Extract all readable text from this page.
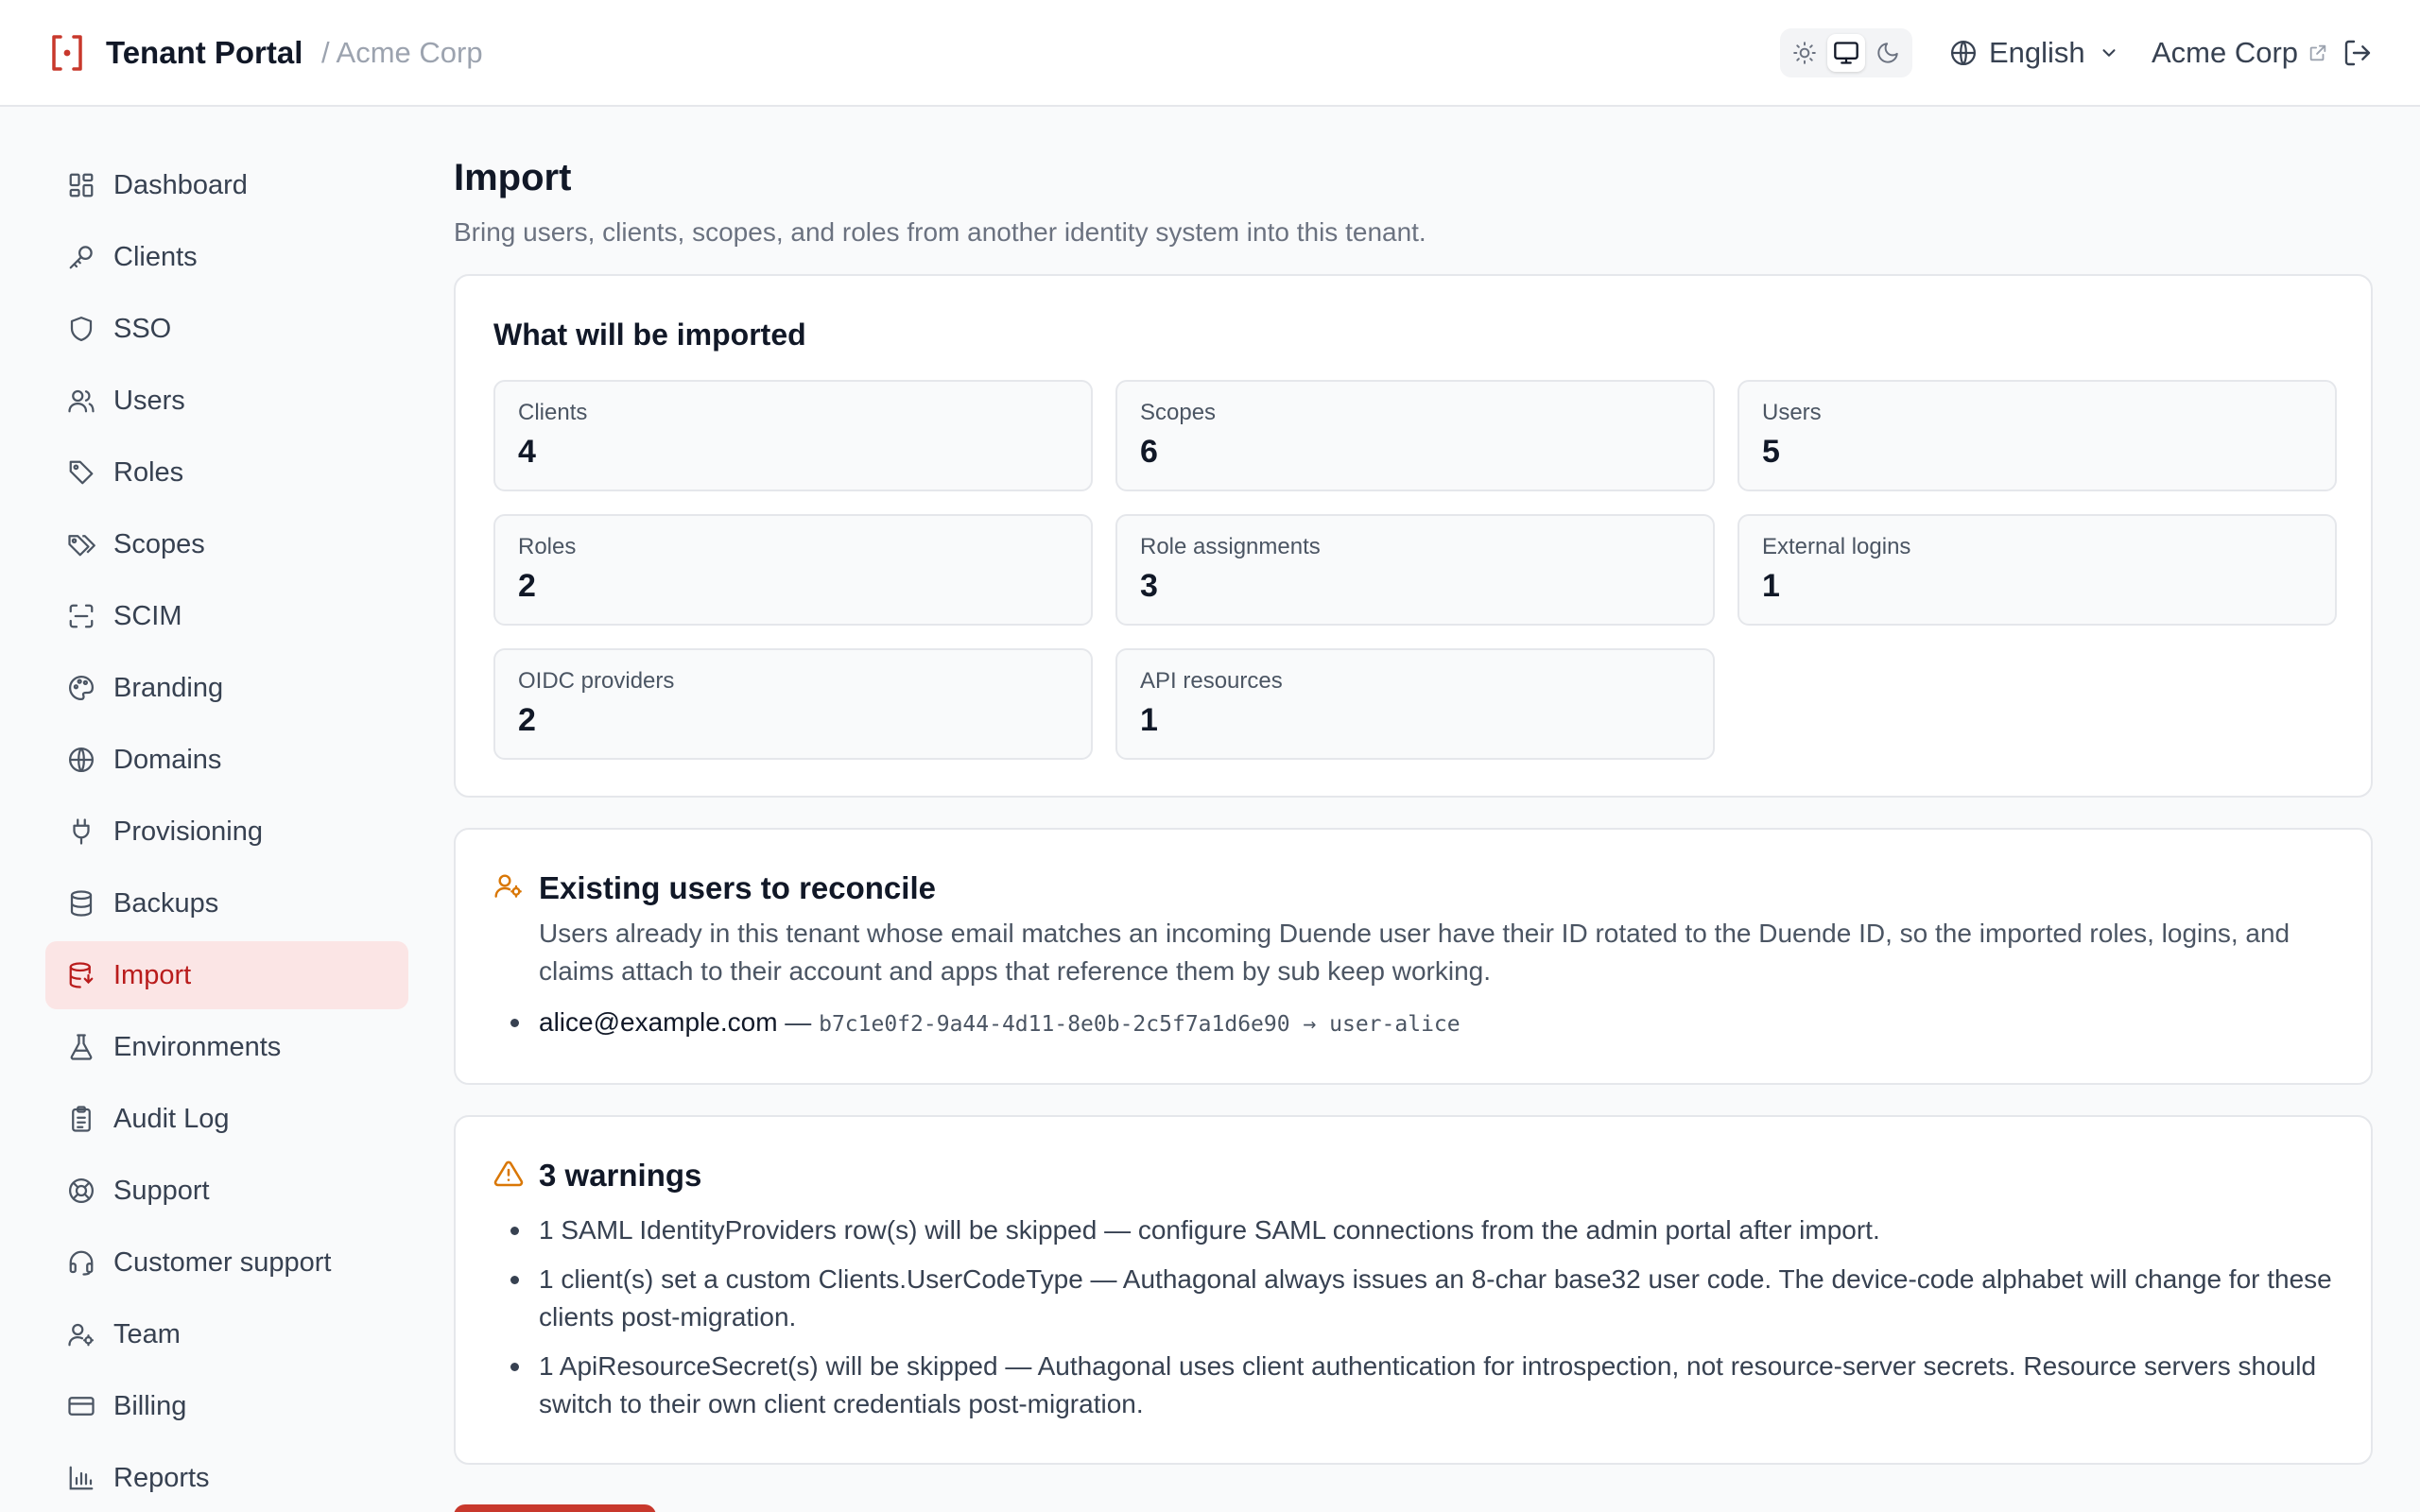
Tenant Portal / Acme Corp	English Acme Corp
Dashboard
Clients
SSO
Users
Roles
Scopes
SCIM
Branding
Domains
Provisioning
Backups
Import
Environments
Audit Log
Support
Customer support
Team
Billing
Reports
Import

Bring users, clients, scopes, and roles from another identity system into this tenant.

What will be imported
Clients
4
Scopes
6
Users
5
Roles
2
Role assignments
3
External logins
1
OIDC providers
2
API resources
1
Existing users to reconcile

Users already in this tenant whose email matches an incoming Duende user have their ID rotated to the Duende ID, so the imported roles, logins, and claims attach to their account and apps that reference them by sub keep working.

alice@example.com — b7c1e0f2-9a44-4d11-8e0b-2c5f7a1d6e90 → user-alice
3 warnings
1 SAML IdentityProviders row(s) will be skipped — configure SAML connections from the admin portal after import.
1 client(s) set a custom Clients.UserCodeType — Authagonal always issues an 8-char base32 user code. The device-code alphabet will change for these clients post-migration.
1 ApiResourceSecret(s) will be skipped — Authagonal uses client authentication for introspection, not resource-server secrets. Resource servers should switch to their own client credentials post-migration.
